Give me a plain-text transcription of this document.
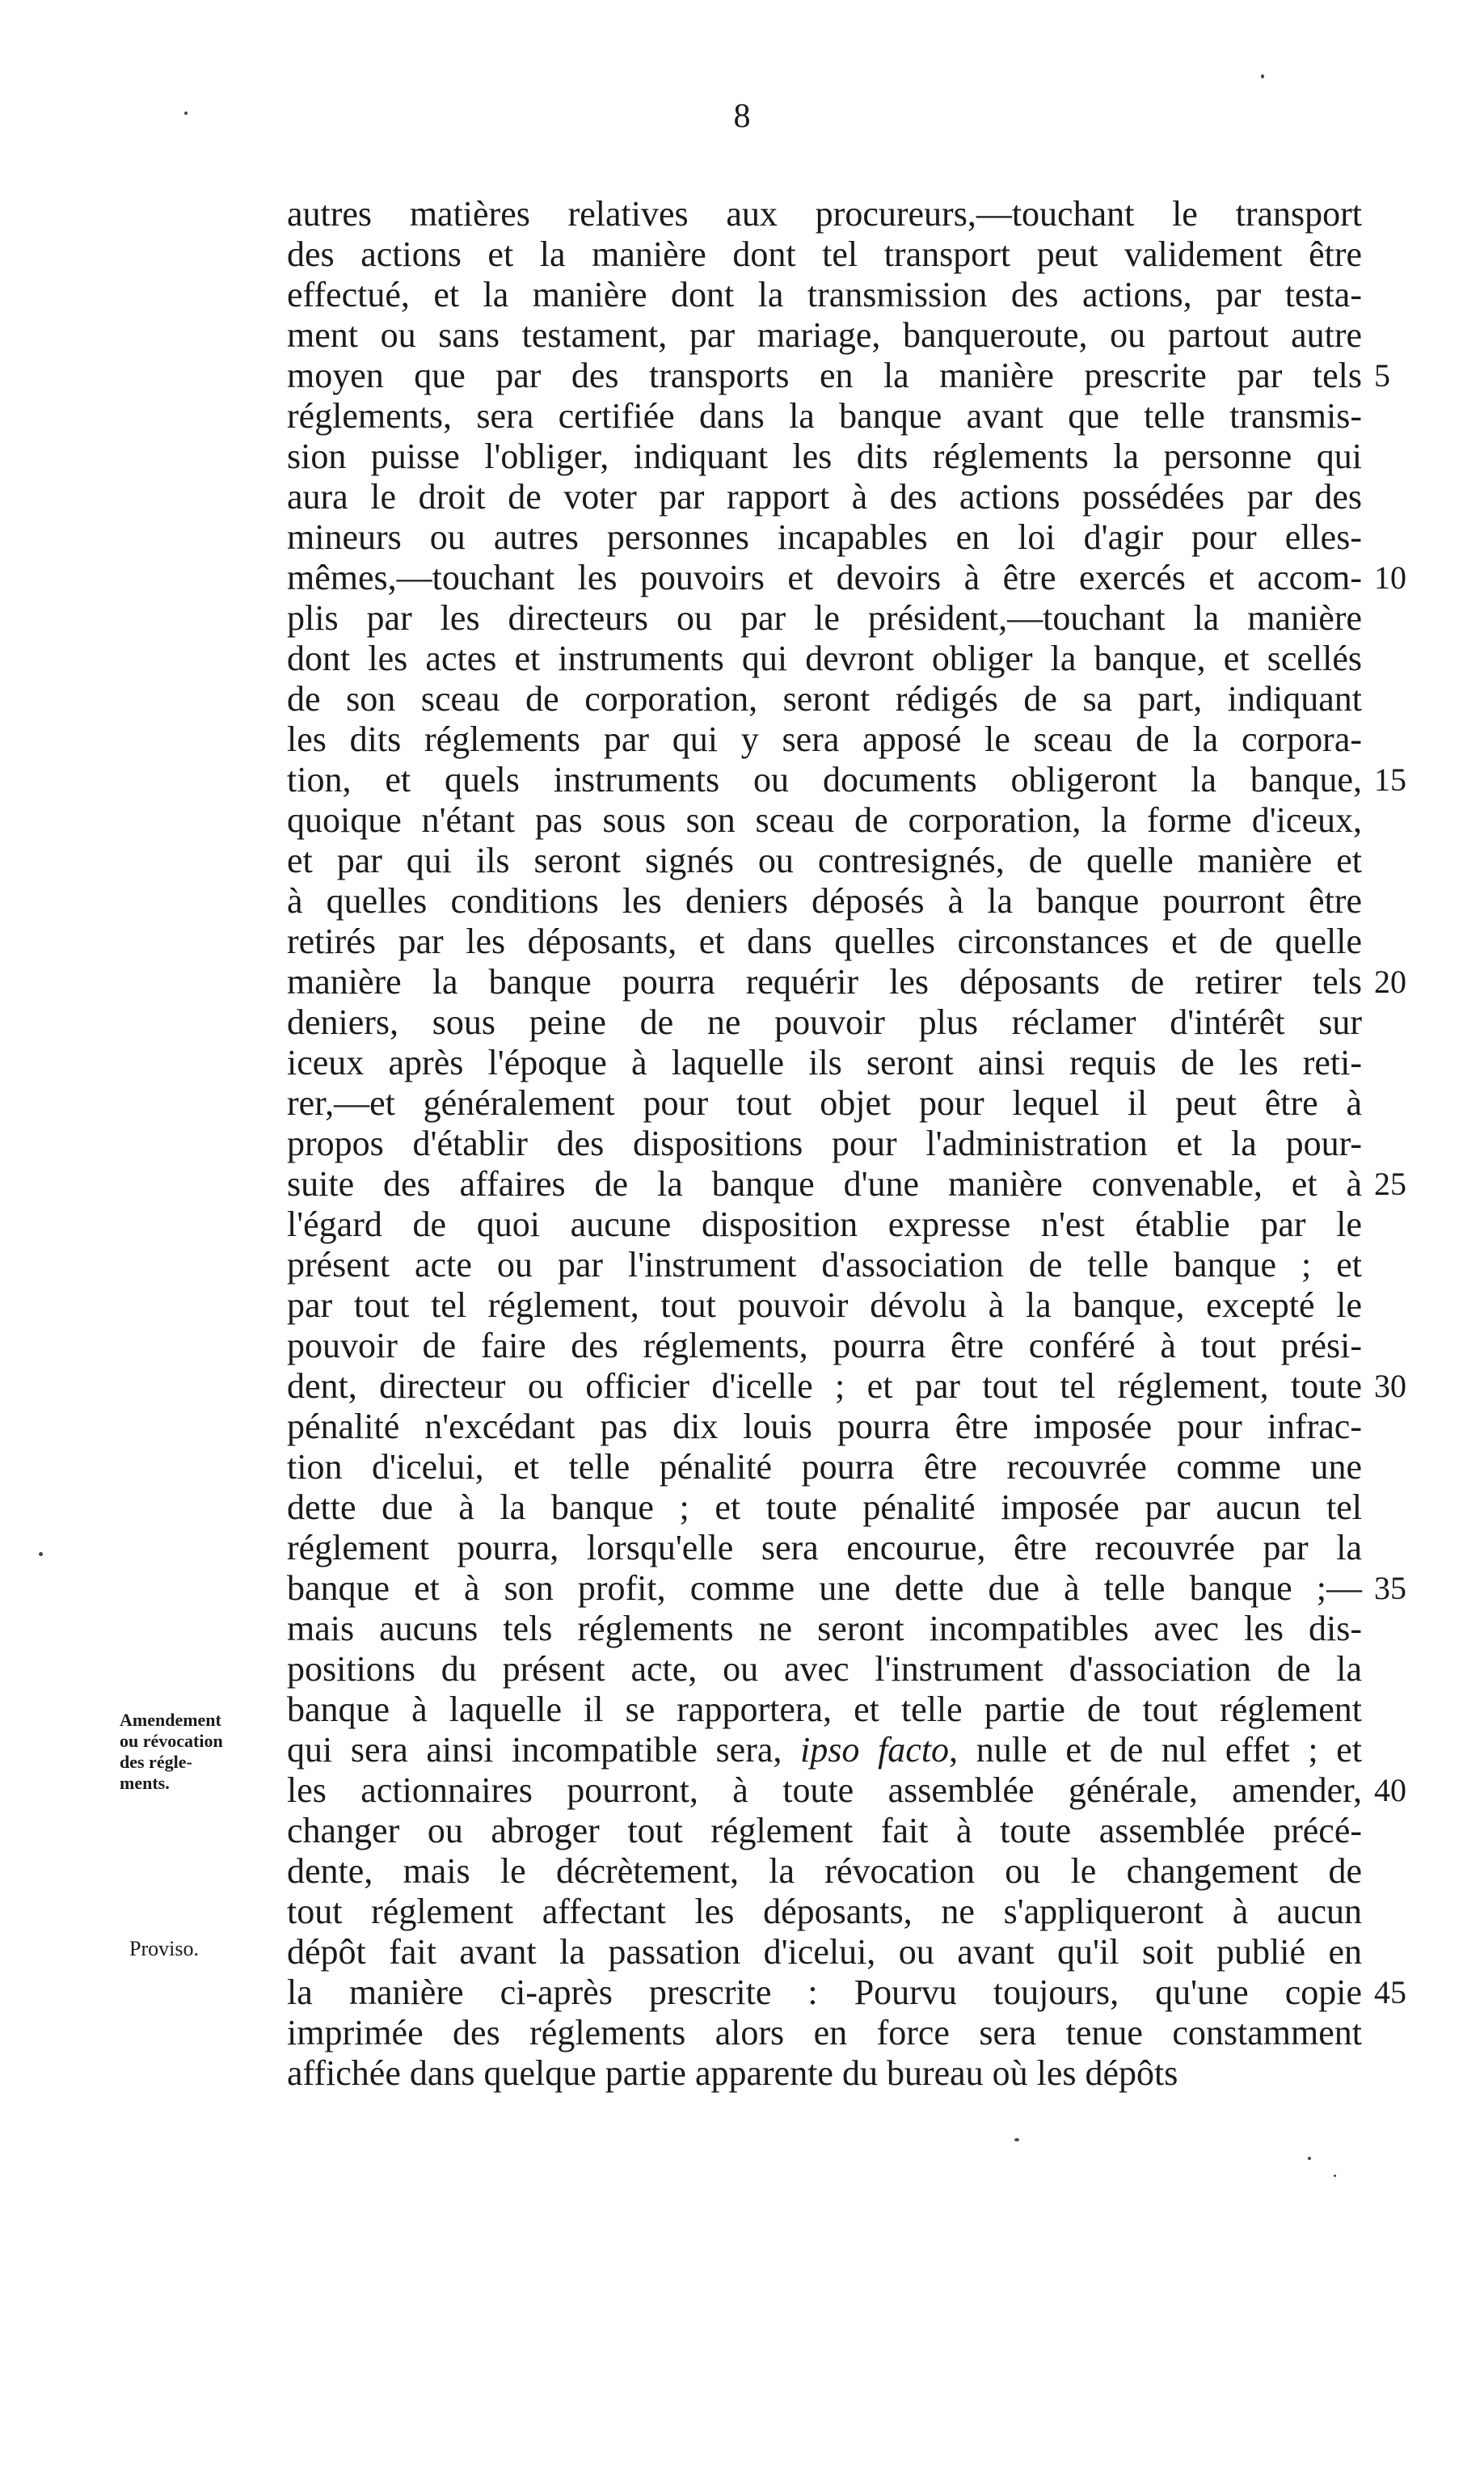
8
autres matières relatives aux procureurs,—touchant le transport
des actions et la manière dont tel transport peut validement être
effectué, et la manière dont la transmission des actions, par testa-
ment ou sans testament, par mariage, banqueroute, ou partout autre
moyen que par des transports en la manière prescrite par tels 5
réglements, sera certifiée dans la banque avant que telle transmis-
sion puisse l'obliger, indiquant les dits réglements la personne qui
aura le droit de voter par rapport à des actions possédées par des
mineurs ou autres personnes incapables en loi d'agir pour elles-
mêmes,—touchant les pouvoirs et devoirs à être exercés et accom- 10
plis par les directeurs ou par le président,—touchant la manière
dont les actes et instruments qui devront obliger la banque, et scellés
de son sceau de corporation, seront rédigés de sa part, indiquant
les dits réglements par qui y sera apposé le sceau de la corpora-
tion, et quels instruments ou documents obligeront la banque, 15
quoique n'étant pas sous son sceau de corporation, la forme d'iceux,
et par qui ils seront signés ou contresignés, de quelle manière et
à quelles conditions les deniers déposés à la banque pourront être
retirés par les déposants, et dans quelles circonstances et de quelle
manière la banque pourra requérir les déposants de retirer tels 20
deniers, sous peine de ne pouvoir plus réclamer d'intérêt sur
iceux après l'époque à laquelle ils seront ainsi requis de les reti-
rer,—et généralement pour tout objet pour lequel il peut être à
propos d'établir des dispositions pour l'administration et la pour-
suite des affaires de la banque d'une manière convenable, et à 25
l'égard de quoi aucune disposition expresse n'est établie par le
présent acte ou par l'instrument d'association de telle banque ; et
par tout tel réglement, tout pouvoir dévolu à la banque, excepté le
pouvoir de faire des réglements, pourra être conféré à tout prési-
dent, directeur ou officier d'icelle ; et par tout tel réglement, toute 30
pénalité n'excédant pas dix louis pourra être imposée pour infrac-
tion d'icelui, et telle pénalité pourra être recouvrée comme une
dette due à la banque ; et toute pénalité imposée par aucun tel
réglement pourra, lorsqu'elle sera encourue, être recouvrée par la
banque et à son profit, comme une dette due à telle banque ;— 35
mais aucuns tels réglements ne seront incompatibles avec les dis-
positions du présent acte, ou avec l'instrument d'association de la
banque à laquelle il se rapportera, et telle partie de tout réglement
qui sera ainsi incompatible sera, ipso facto, nulle et de nul effet ; et
les actionnaires pourront, à toute assemblée générale, amender, 40
changer ou abroger tout réglement fait à toute assemblée précé-
dente, mais le décrètement, la révocation ou le changement de
tout réglement affectant les déposants, ne s'appliqueront à aucun
dépôt fait avant la passation d'icelui, ou avant qu'il soit publié en
la manière ci-après prescrite : Pourvu toujours, qu'une copie 45
imprimée des réglements alors en force sera tenue constamment
affichée dans quelque partie apparente du bureau où les dépôts
Amendement
ou révocation
des régle-
ments.
Proviso.
